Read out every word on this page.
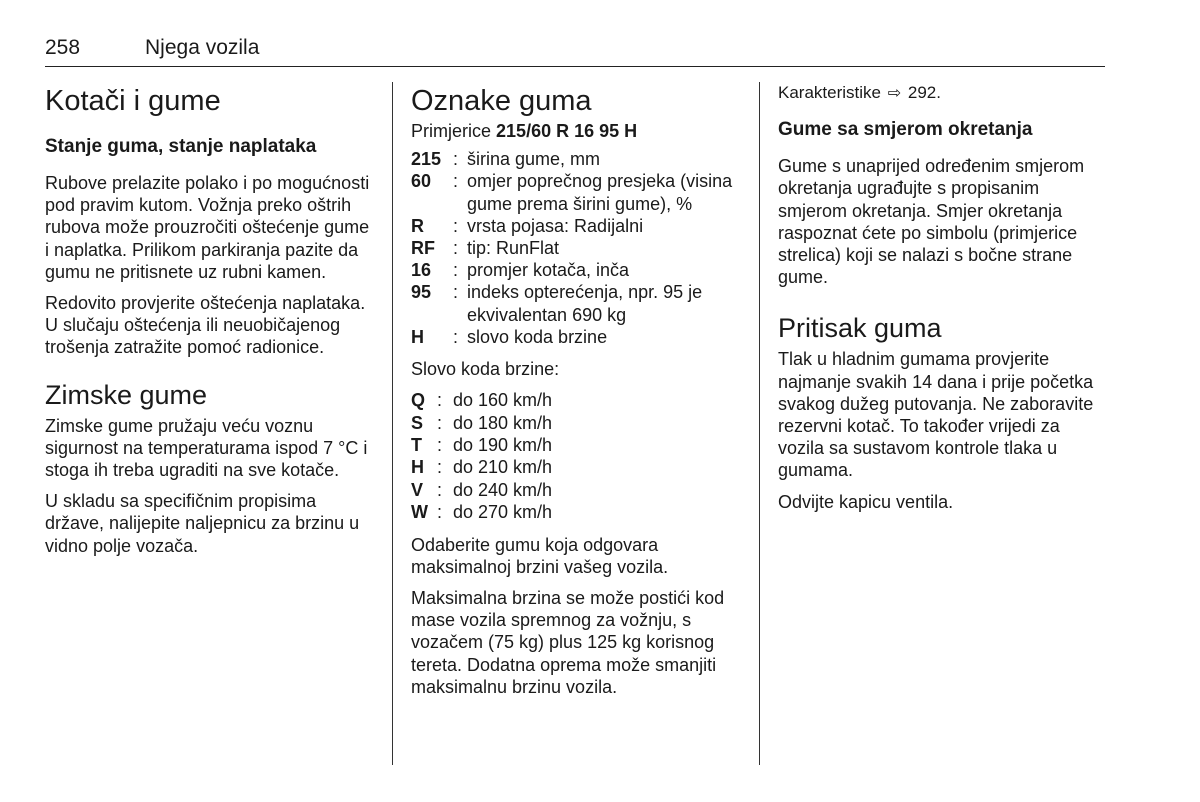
258	Njega vozila
Kotači i gume
Stanje guma, stanje naplataka

Rubove prelazite polako i po mogućnosti pod pravim kutom. Vožnja preko oštrih rubova može prouzročiti oštećenje gume i naplatka. Prilikom parkiranja pazite da gumu ne pritisnete uz rubni kamen.

Redovito provjerite oštećenja naplataka. U slučaju oštećenja ili neuobičajenog trošenja zatražite pomoć radionice.

Zimske gume

Zimske gume pružaju veću voznu sigurnost na temperaturama ispod 7 °C i stoga ih treba ugraditi na sve kotače.

U skladu sa specifičnim propisima države, nalijepite naljepnicu za brzinu u vidno polje vozača.

Oznake guma

Primjerice 215/60 R 16 95 H

215 : širina gume, mm
60	: omjer poprečnog presjeka (visina gume prema širini gume), %
R	: vrsta pojasa: Radijalni
RF	: tip: RunFlat
16	: promjer kotača, inča
95	: indeks opterećenja, npr. 95 je ekvivalentan 690 kg
H	: slovo koda brzine

Slovo koda brzine:

Q : do 160 km/h
S : do 180 km/h
T : do 190 km/h
H : do 210 km/h
V : do 240 km/h
W : do 270 km/h

Odaberite gumu koja odgovara maksimalnoj brzini vašeg vozila.

Maksimalna brzina se može postići kod mase vozila spremnog za vožnju, s vozačem (75 kg) plus 125 kg korisnog tereta. Dodatna oprema može smanjiti maksimalnu brzinu vozila.

Karakteristike ⇨ 292.

Gume sa smjerom okretanja

Gume s unaprijed određenim smjerom okretanja ugrađujte s propisanim smjerom okretanja. Smjer okretanja raspoznat ćete po simbolu (primjerice strelica) koji se nalazi s bočne strane gume.

Pritisak guma

Tlak u hladnim gumama provjerite najmanje svakih 14 dana i prije početka svakog dužeg putovanja. Ne zaboravite rezervni kotač. To također vrijedi za vozila sa sustavom kontrole tlaka u gumama.

Odvijte kapicu ventila.
